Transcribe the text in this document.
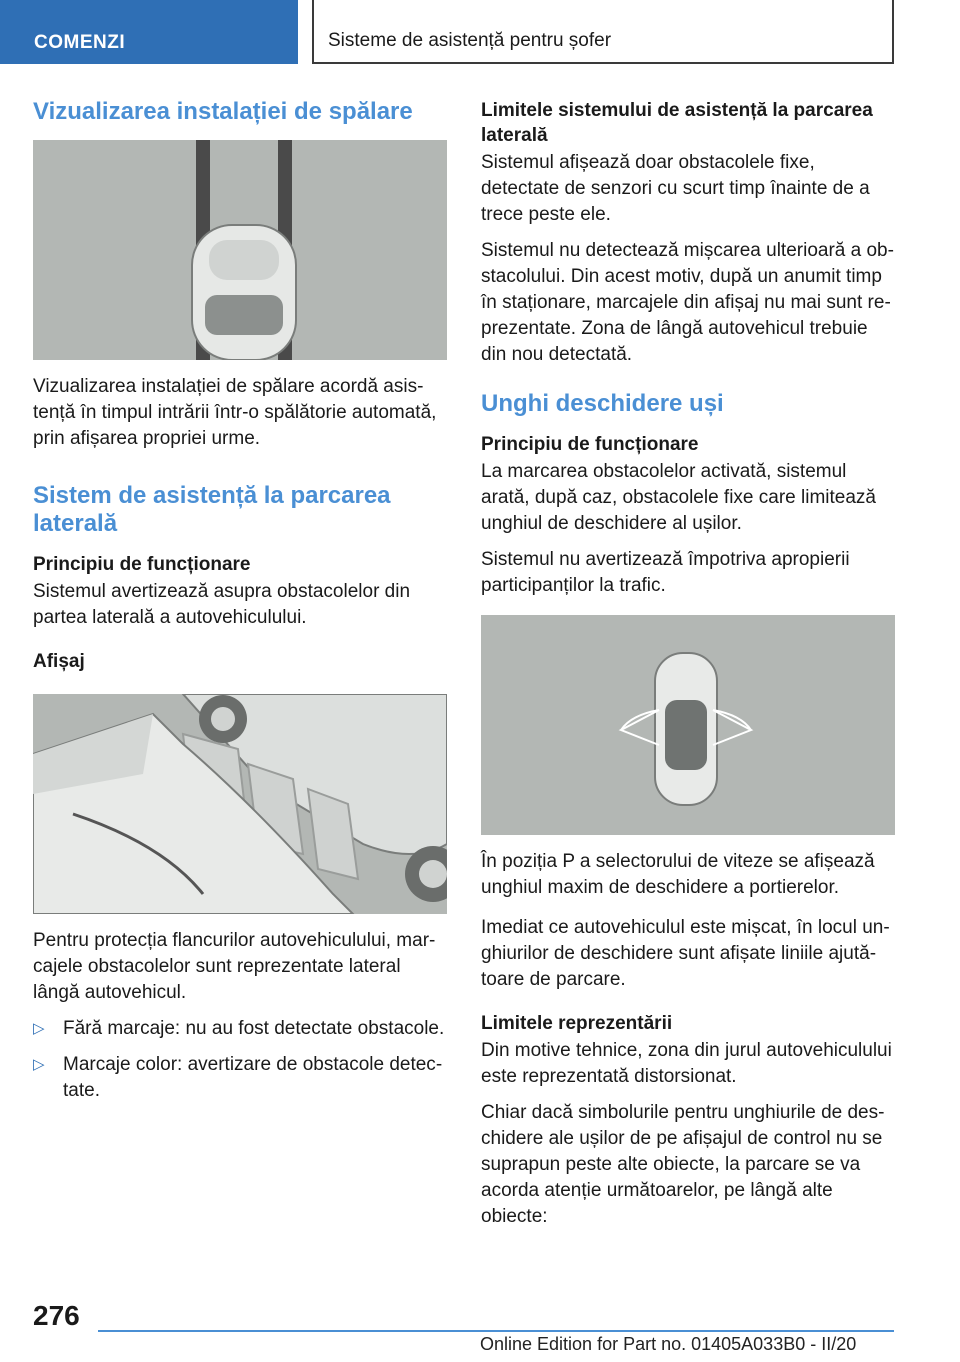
COMENZI	Sisteme de asistență pentru șofer
Vizualizarea instalației de spălare

Vizualizarea instalației de spălare acordă asistență în timpul intrării într-o spălătorie automată, prin afișarea propriei urme.

Sistem de asistență la parcarea laterală
Principiu de funcționare

Sistemul avertizează asupra obstacolelor din partea laterală a autovehiculului.

Afișaj

Pentru protecția flancurilor autovehiculului, marcajele obstacolelor sunt reprezentate lateral lângă autovehicul.

▷ Fără marcaje: nu au fost detectate obstacole.
▷ Marcaje color: avertizare de obstacole detectate.
Limitele sistemului de asistență la parcarea laterală

Sistemul afișează doar obstacolele fixe, detectate de senzori cu scurt timp înainte de a trece peste ele.

Sistemul nu detectează mișcarea ulterioară a obstacolului. Din acest motiv, după un anumit timp în staționare, marcajele din afișaj nu mai sunt reprezentate. Zona de lângă autovehicul trebuie din nou detectată.

Unghi deschidere uși
Principiu de funcționare

La marcarea obstacolelor activată, sistemul arată, după caz, obstacolele fixe care limitează unghiul de deschidere al ușilor.

Sistemul nu avertizează împotriva apropierii participanților la trafic.

În poziția P a selectorului de viteze se afișează unghiul maxim de deschidere a portierelor.

Imediat ce autovehiculul este mișcat, în locul unghiurilor de deschidere sunt afișate liniile ajutătoare de parcare.

Limitele reprezentării

Din motive tehnice, zona din jurul autovehiculului este reprezentată distorsionat.

Chiar dacă simbolurile pentru unghiurile de deschidere ale ușilor de pe afișajul de control nu se suprapun peste alte obiecte, la parcare se va acorda atenție următoarelor, pe lângă alte obiecte:

276
Online Edition for Part no. 01405A033B0 - II/20
